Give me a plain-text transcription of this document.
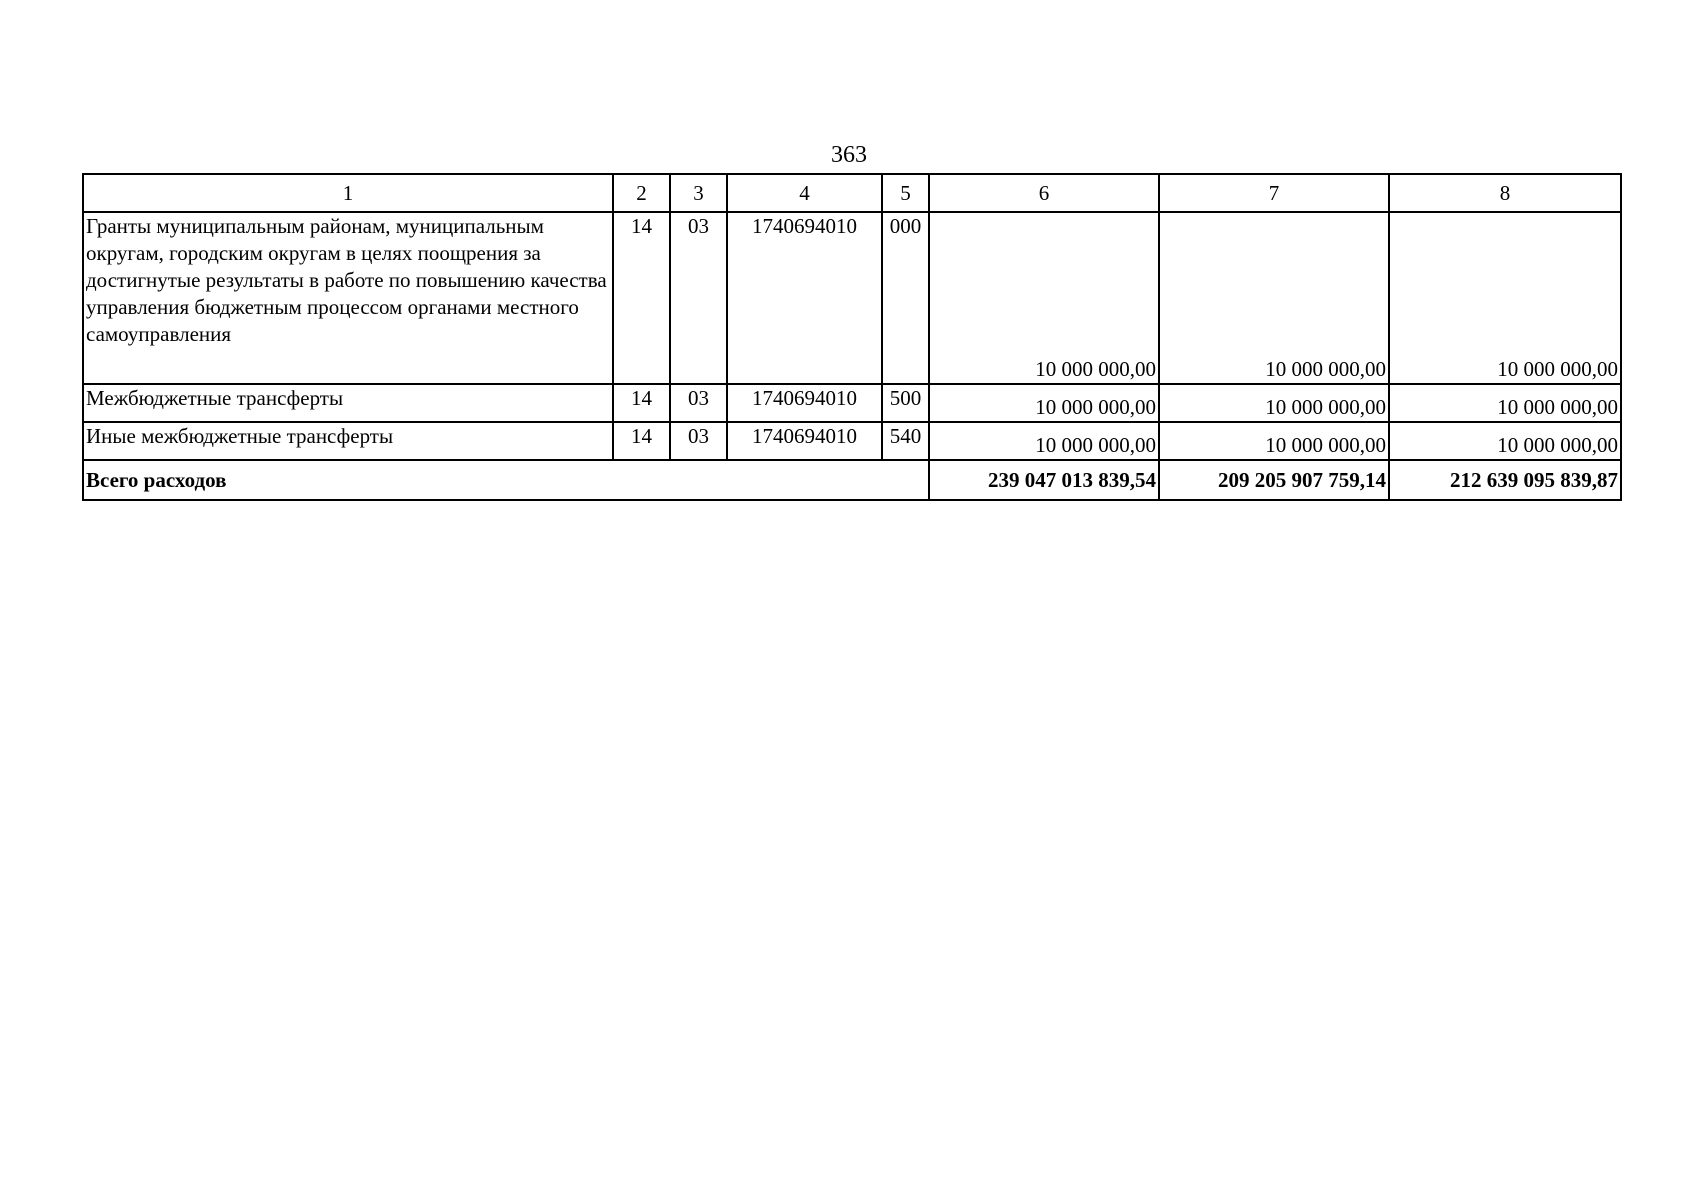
363
1	2	3	4	5	6	7	8
Гранты муниципальным районам, муниципальным округам, городским округам в целях поощрения за достигнутые результаты в работе по повышению качества управления бюджетным процессом органами местного самоуправления	14	03	1740694010	000	10 000 000,00	10 000 000,00	10 000 000,00
Межбюджетные трансферты	14	03	1740694010	500	10 000 000,00	10 000 000,00	10 000 000,00
Иные межбюджетные трансферты	14	03	1740694010	540	10 000 000,00	10 000 000,00	10 000 000,00
Всего расходов					239 047 013 839,54	209 205 907 759,14	212 639 095 839,87
